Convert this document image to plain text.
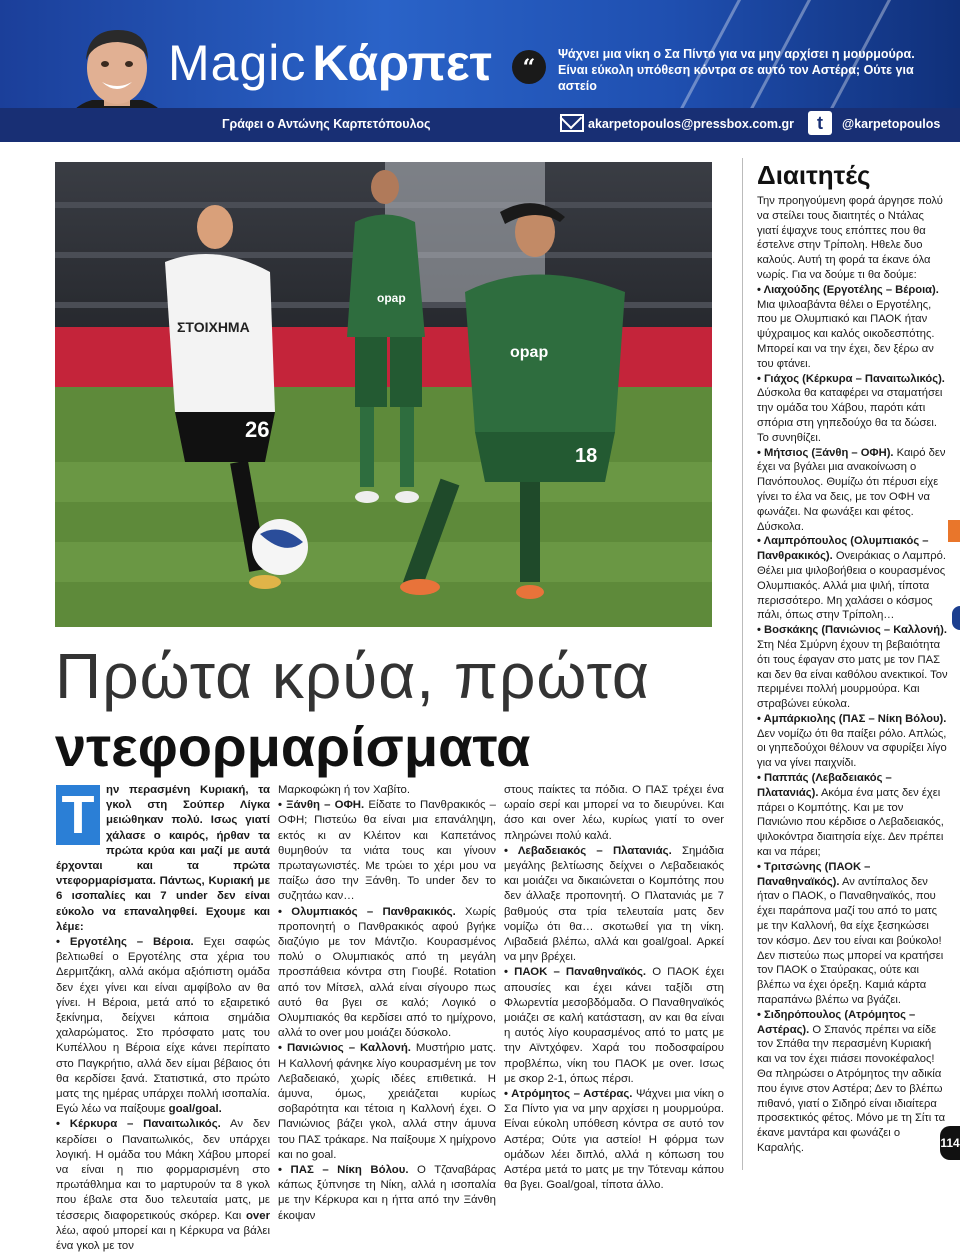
Magic Κάρπετ	“
Ψάχνει μια νίκη ο Σα Πίντο για να μην αρχίσει η μουρμούρα. Είναι εύκολη υπόθεση κόντρα σε αυτό τον Αστέρα; Ούτε για αστείο
Γράφει ο Αντώνης Καρπετόπουλος	akarpetopoulos@pressbox.com.gr	t	@karpetopoulos
opap
ΣΤΟΙΧΗΜΑ
26
opap
18
Πρώτα κρύα, πρώτα
ντεφορμαρίσματα
T	ην περασμένη Κυριακή, τα γκολ στη Σούπερ Λίγκα μειώθηκαν πολύ. Ισως γιατί χάλασε ο καιρός, ήρθαν τα πρώτα κρύα και μαζί με αυτά έρχονται και τα πρώτα ντεφορμαρίσματα. Πάντως, Κυριακή με 6 ισοπαλίες και 7 under δεν είναι εύκολο να επαναληφθεί. Εχουμε και λέμε:

• Εργοτέλης – Βέροια. Εχει σαφώς βελτιωθεί ο Εργοτέλης στα χέρια του Δερμιτζάκη, αλλά ακόμα αξιόπιστη ομάδα δεν έχει γίνει και είναι αμφίβολο αν θα γίνει. Η Βέροια, μετά από το εξαιρετικό ξεκίνημα, δείχνει κάποια σημάδια χαλαρώματος. Στο πρόσφατο ματς του Κυπέλλου η Βέροια είχε κάνει περίπατο στο Παγκρήτιο, αλλά δεν είμαι βέβαιος ότι θα κερδίσει ξανά. Στατιστικά, στο πρώτο ματς της ημέρας υπάρχει πολλή ισοπαλία. Εγώ λέω να παίξουμε goal/goal.

• Κέρκυρα – Παναιτωλικός. Αν δεν κερδίσει ο Παναιτωλικός, δεν υπάρχει λογική. Η ομάδα του Μάκη Χάβου μπορεί να είναι η πιο φορμαρισμένη στο πρωτάθλημα και το μαρτυρούν τα 8 γκολ που έβαλε στα δυο τελευταία ματς, με τέσσερις διαφορετικούς σκόρερ. Και over λέω, αφού μπορεί και η Κέρκυρα να βάλει ένα γκολ με τον

Μαρκοφώκη ή τον Χαβίτο.

• Ξάνθη – ΟΦΗ. Είδατε το Πανθρακικός – ΟΦΗ; Πιστεύω θα είναι μια επανάληψη, εκτός κι αν Κλέιτον και Καπετάνος θυμηθούν τα νιάτα τους και γίνουν πρωταγωνιστές. Με τρώει το χέρι μου να παίξω άσο την Ξάνθη. Το under δεν το συζητάω καν…

• Ολυμπιακός – Πανθρακικός. Χωρίς προπονητή ο Πανθρακικός αφού βγήκε διαζύγιο με τον Μάντζιο. Κουρασμένος πολύ ο Ολυμπιακός από τη μεγάλη προσπάθεια κόντρα στη Γιουβέ. Rotation από τον Μίτσελ, αλλά είναι σίγουρο πως αυτό θα βγει σε καλό; Λογικό ο Ολυμπιακός θα κερδίσει από το ημίχρονο, αλλά το over μου μοιάζει δύσκολο.

• Πανιώνιος – Καλλονή. Μυστήριο ματς. Η Καλλονή φάνηκε λίγο κουρασμένη με τον Λεβαδειακό, χωρίς ιδέες επιθετικά. Η άμυνα, όμως, χρειάζεται κυρίως σοβαρότητα και τέτοια η Καλλονή έχει. Ο Πανιώνιος βάζει γκολ, αλλά στην άμυνα του ΠΑΣ τράκαρε. Να παίξουμε Χ ημίχρονο και no goal.

• ΠΑΣ – Νίκη Βόλου. Ο Τζαναβάρας κάπως ξύπνησε τη Νίκη, αλλά η ισοπαλία με την Κέρκυρα και η ήττα από την Ξάνθη έκοψαν

στους παίκτες τα πόδια. Ο ΠΑΣ τρέχει ένα ωραίο σερί και μπορεί να το διευρύνει. Και άσο και over λέω, κυρίως γιατί το over πληρώνει πολύ καλά.

• Λεβαδειακός – Πλατανιάς. Σημάδια μεγάλης βελτίωσης δείχνει ο Λεβαδειακός και μοιάζει να δικαιώνεται ο Κομπότης που δεν άλλαξε προπονητή. Ο Πλατανιάς με 7 βαθμούς στα τρία τελευταία ματς δεν νομίζω ότι θα… σκοτωθεί για τη νίκη. Λιβαδειά βλέπω, αλλά και goal/goal. Αρκεί να μην βρέχει.

• ΠΑΟΚ – Παναθηναϊκός. Ο ΠΑΟΚ έχει απουσίες και έχει κάνει ταξίδι στη Φλωρεντία μεσοβδόμαδα. Ο Παναθηναϊκός μοιάζει σε καλή κατάσταση, αν και θα είναι η αυτός λίγο κουρασμένος από το ματς με την Αϊντχόφεν. Χαρά του ποδοσφαίρου προβλέπω, νίκη του ΠΑΟΚ με over. Ισως με σκορ 2-1, όπως πέρσι.

• Ατρόμητος – Αστέρας. Ψάχνει μια νίκη ο Σα Πίντο για να μην αρχίσει η μουρμούρα. Είναι εύκολη υπόθεση κόντρα σε αυτό τον Αστέρα; Ούτε για αστείο! Η φόρμα των ομάδων λέει διπλό, αλλά η κόπωση του Αστέρα μετά το ματς με την Τότεναμ κάπου θα βγει. Goal/goal, τίποτα άλλο.

Διαιτητές

Την προηγούμενη φορά άργησε πολύ να στείλει τους διαιτητές ο Ντάλας γιατί έψαχνε τους επόπτες που θα έστελνε στην Τρίπολη. Ηθελε δυο καλούς. Αυτή τη φορά τα έκανε όλα νωρίς. Για να δούμε τι θα δούμε:

• Λιαχούδης (Εργοτέλης – Βέροια). Μια ψιλοαβάντα θέλει ο Εργοτέλης, που με Ολυμπιακό και ΠΑΟΚ ήταν ψύχραιμος και καλός οικοδεσπότης. Μπορεί και να την έχει, δεν ξέρω αν του φτάνει.

• Γιάχος (Κέρκυρα – Παναιτωλικός). Δύσκολα θα καταφέρει να σταματήσει την ομάδα του Χάβου, παρότι κάτι σπόρια στη γηπεδούχο θα τα δώσει. Το συνηθίζει.

• Μήτσιος (Ξάνθη – ΟΦΗ). Καιρό δεν έχει να βγάλει μια ανακοίνωση ο Πανόπουλος. Θυμίζω ότι πέρυσι είχε γίνει το έλα να δεις, με τον ΟΦΗ να φωνάζει. Να φωνάξει και φέτος. Δύσκολα.

• Λαμπρόπουλος (Ολυμπιακός – Πανθρακικός). Ονειράκιας ο Λαμπρό. Θέλει μια ψιλοβοήθεια ο κουρασμένος Ολυμπιακός. Αλλά μια ψιλή, τίποτα περισσότερο. Μη χαλάσει ο κόσμος πάλι, όπως στην Τρίπολη…

• Βοσκάκης (Πανιώνιος – Καλλονή). Στη Νέα Σμύρνη έχουν τη βεβαιότητα ότι τους έφαγαν στο ματς με τον ΠΑΣ και δεν θα είναι καθόλου ανεκτικοί. Τον περιμένει πολλή μουρμούρα. Και στραβώνει εύκολα.

• Αμπάρκιολης (ΠΑΣ – Νίκη Βόλου). Δεν νομίζω ότι θα παίξει ρόλο. Απλώς, οι γηπεδούχοι θέλουν να σφυρίξει λίγο για να γίνει παιχνίδι.

• Παππάς (Λεβαδειακός – Πλατανιάς). Ακόμα ένα ματς δεν έχει πάρει ο Κομπότης. Και με τον Πανιώνιο που κέρδισε ο Λεβαδειακός, ψιλοκόντρα διαιτησία είχε. Δεν πρέπει και να πάρει;

• Τριτσώνης (ΠΑΟΚ – Παναθηναϊκός). Αν αντίπαλος δεν ήταν ο ΠΑΟΚ, ο Παναθηναϊκός, που έχει παράπονα μαζί του από το ματς με την Καλλονή, θα είχε ξεσηκώσει τον κόσμο. Δεν του είναι και βούκολο! Δεν πιστεύω πως μπορεί να κρατήσει τον ΠΑΟΚ ο Σταύρακας, ούτε και βλέπω να έχει όρεξη. Καμιά κάρτα παραπάνω βλέπω να βγάζει.

• Σιδηρόπουλος (Ατρόμητος – Αστέρας). Ο Σπανός πρέπει να είδε τον Σπάθα την περασμένη Κυριακή και να τον έχει πιάσει πονοκέφαλος! Θα πληρώσει ο Ατρόμητος την αδικία που έγινε στον Αστέρα; Δεν το βλέπω πιθανό, γιατί ο Σιδηρό είναι ιδιαίτερα προσεκτικός φέτος. Μόνο με τη Σίτι τα έκανε μαντάρα και φωνάζει ο Καραλής.	114
